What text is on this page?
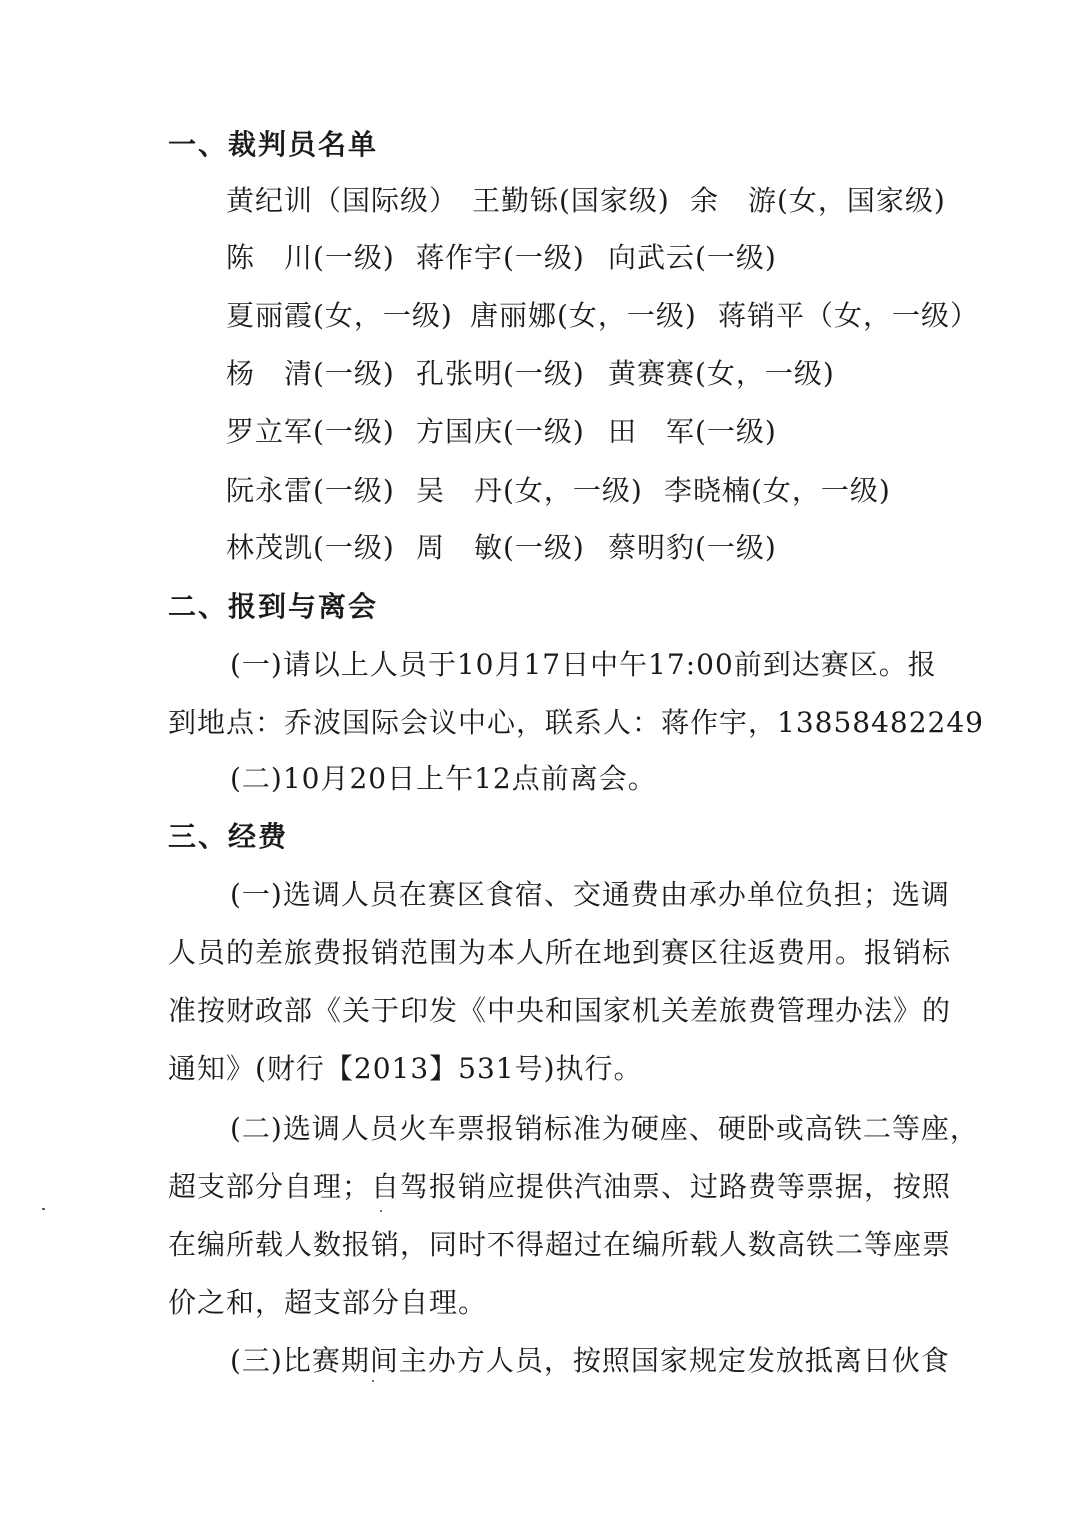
一、裁判员名单
黄纪训（国际级） 王勤铄(国家级) 余　游(女，国家级)
陈　川(一级) 蒋作宇(一级) 向武云(一级)
夏丽霞(女，一级) 唐丽娜(女，一级) 蒋销平（女，一级）
杨　清(一级) 孔张明(一级) 黄赛赛(女，一级)
罗立军(一级) 方国庆(一级) 田　军(一级)
阮永雷(一级) 吴　丹(女，一级) 李晓楠(女，一级)
林茂凯(一级) 周　敏(一级) 蔡明豹(一级)
二、报到与离会
(一)请以上人员于10月17日中午17:00前到达赛区。报
到地点：乔波国际会议中心，联系人：蒋作宇，13858482249
(二)10月20日上午12点前离会。
三、经费
(一)选调人员在赛区食宿、交通费由承办单位负担；选调
人员的差旅费报销范围为本人所在地到赛区往返费用。报销标
准按财政部《关于印发《中央和国家机关差旅费管理办法》的
通知》(财行【2013】531号)执行。
(二)选调人员火车票报销标准为硬座、硬卧或高铁二等座，
超支部分自理；自驾报销应提供汽油票、过路费等票据，按照
在编所载人数报销，同时不得超过在编所载人数高铁二等座票
价之和，超支部分自理。
(三)比赛期间主办方人员，按照国家规定发放抵离日伙食
